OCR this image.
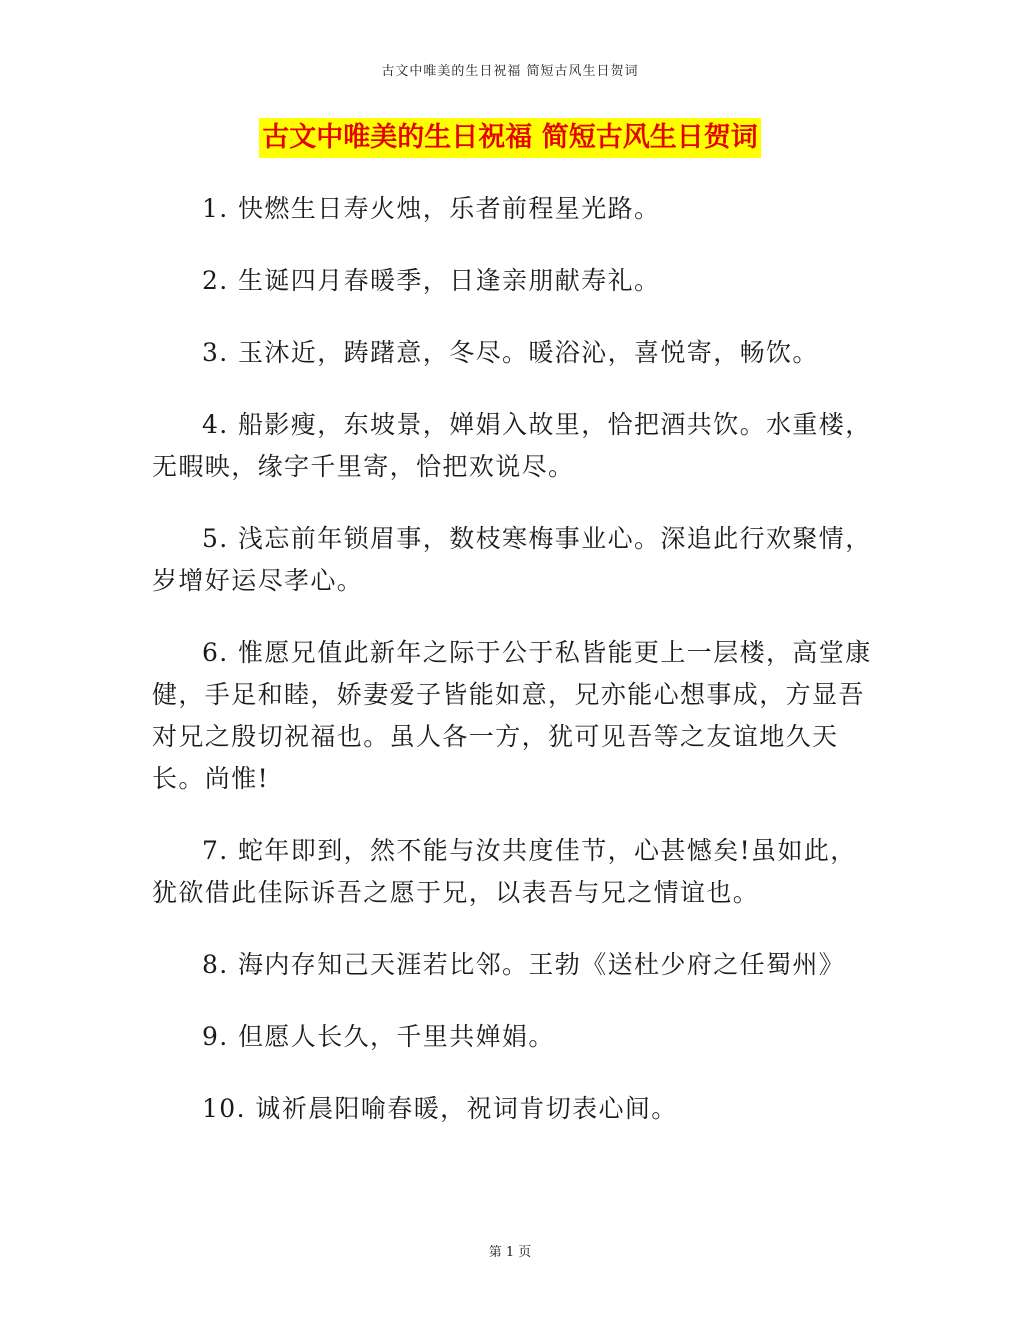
古文中唯美的生日祝福 简短古风生日贺词
古文中唯美的生日祝福 简短古风生日贺词

1. 快燃生日寿火烛，乐者前程星光路。

2. 生诞四月春暖季，日逢亲朋献寿礼。

3. 玉沐近，踌躇意，冬尽。暖浴沁，喜悦寄，畅饮。

4. 船影瘦，东坡景，婵娟入故里，恰把酒共饮。水重楼，无暇映，缘字千里寄，恰把欢说尽。

5. 浅忘前年锁眉事，数枝寒梅事业心。深追此行欢聚情，岁增好运尽孝心。

6. 惟愿兄值此新年之际于公于私皆能更上一层楼，高堂康健，手足和睦，娇妻爱子皆能如意，兄亦能心想事成，方显吾对兄之殷切祝福也。虽人各一方，犹可见吾等之友谊地久天长。尚惟!

7. 蛇年即到，然不能与汝共度佳节，心甚憾矣!虽如此，犹欲借此佳际诉吾之愿于兄，以表吾与兄之情谊也。

8. 海内存知己天涯若比邻。王勃《送杜少府之任蜀州》

9. 但愿人长久，千里共婵娟。

10. 诚祈晨阳喻春暖，祝词肯切表心间。

第 1 页
